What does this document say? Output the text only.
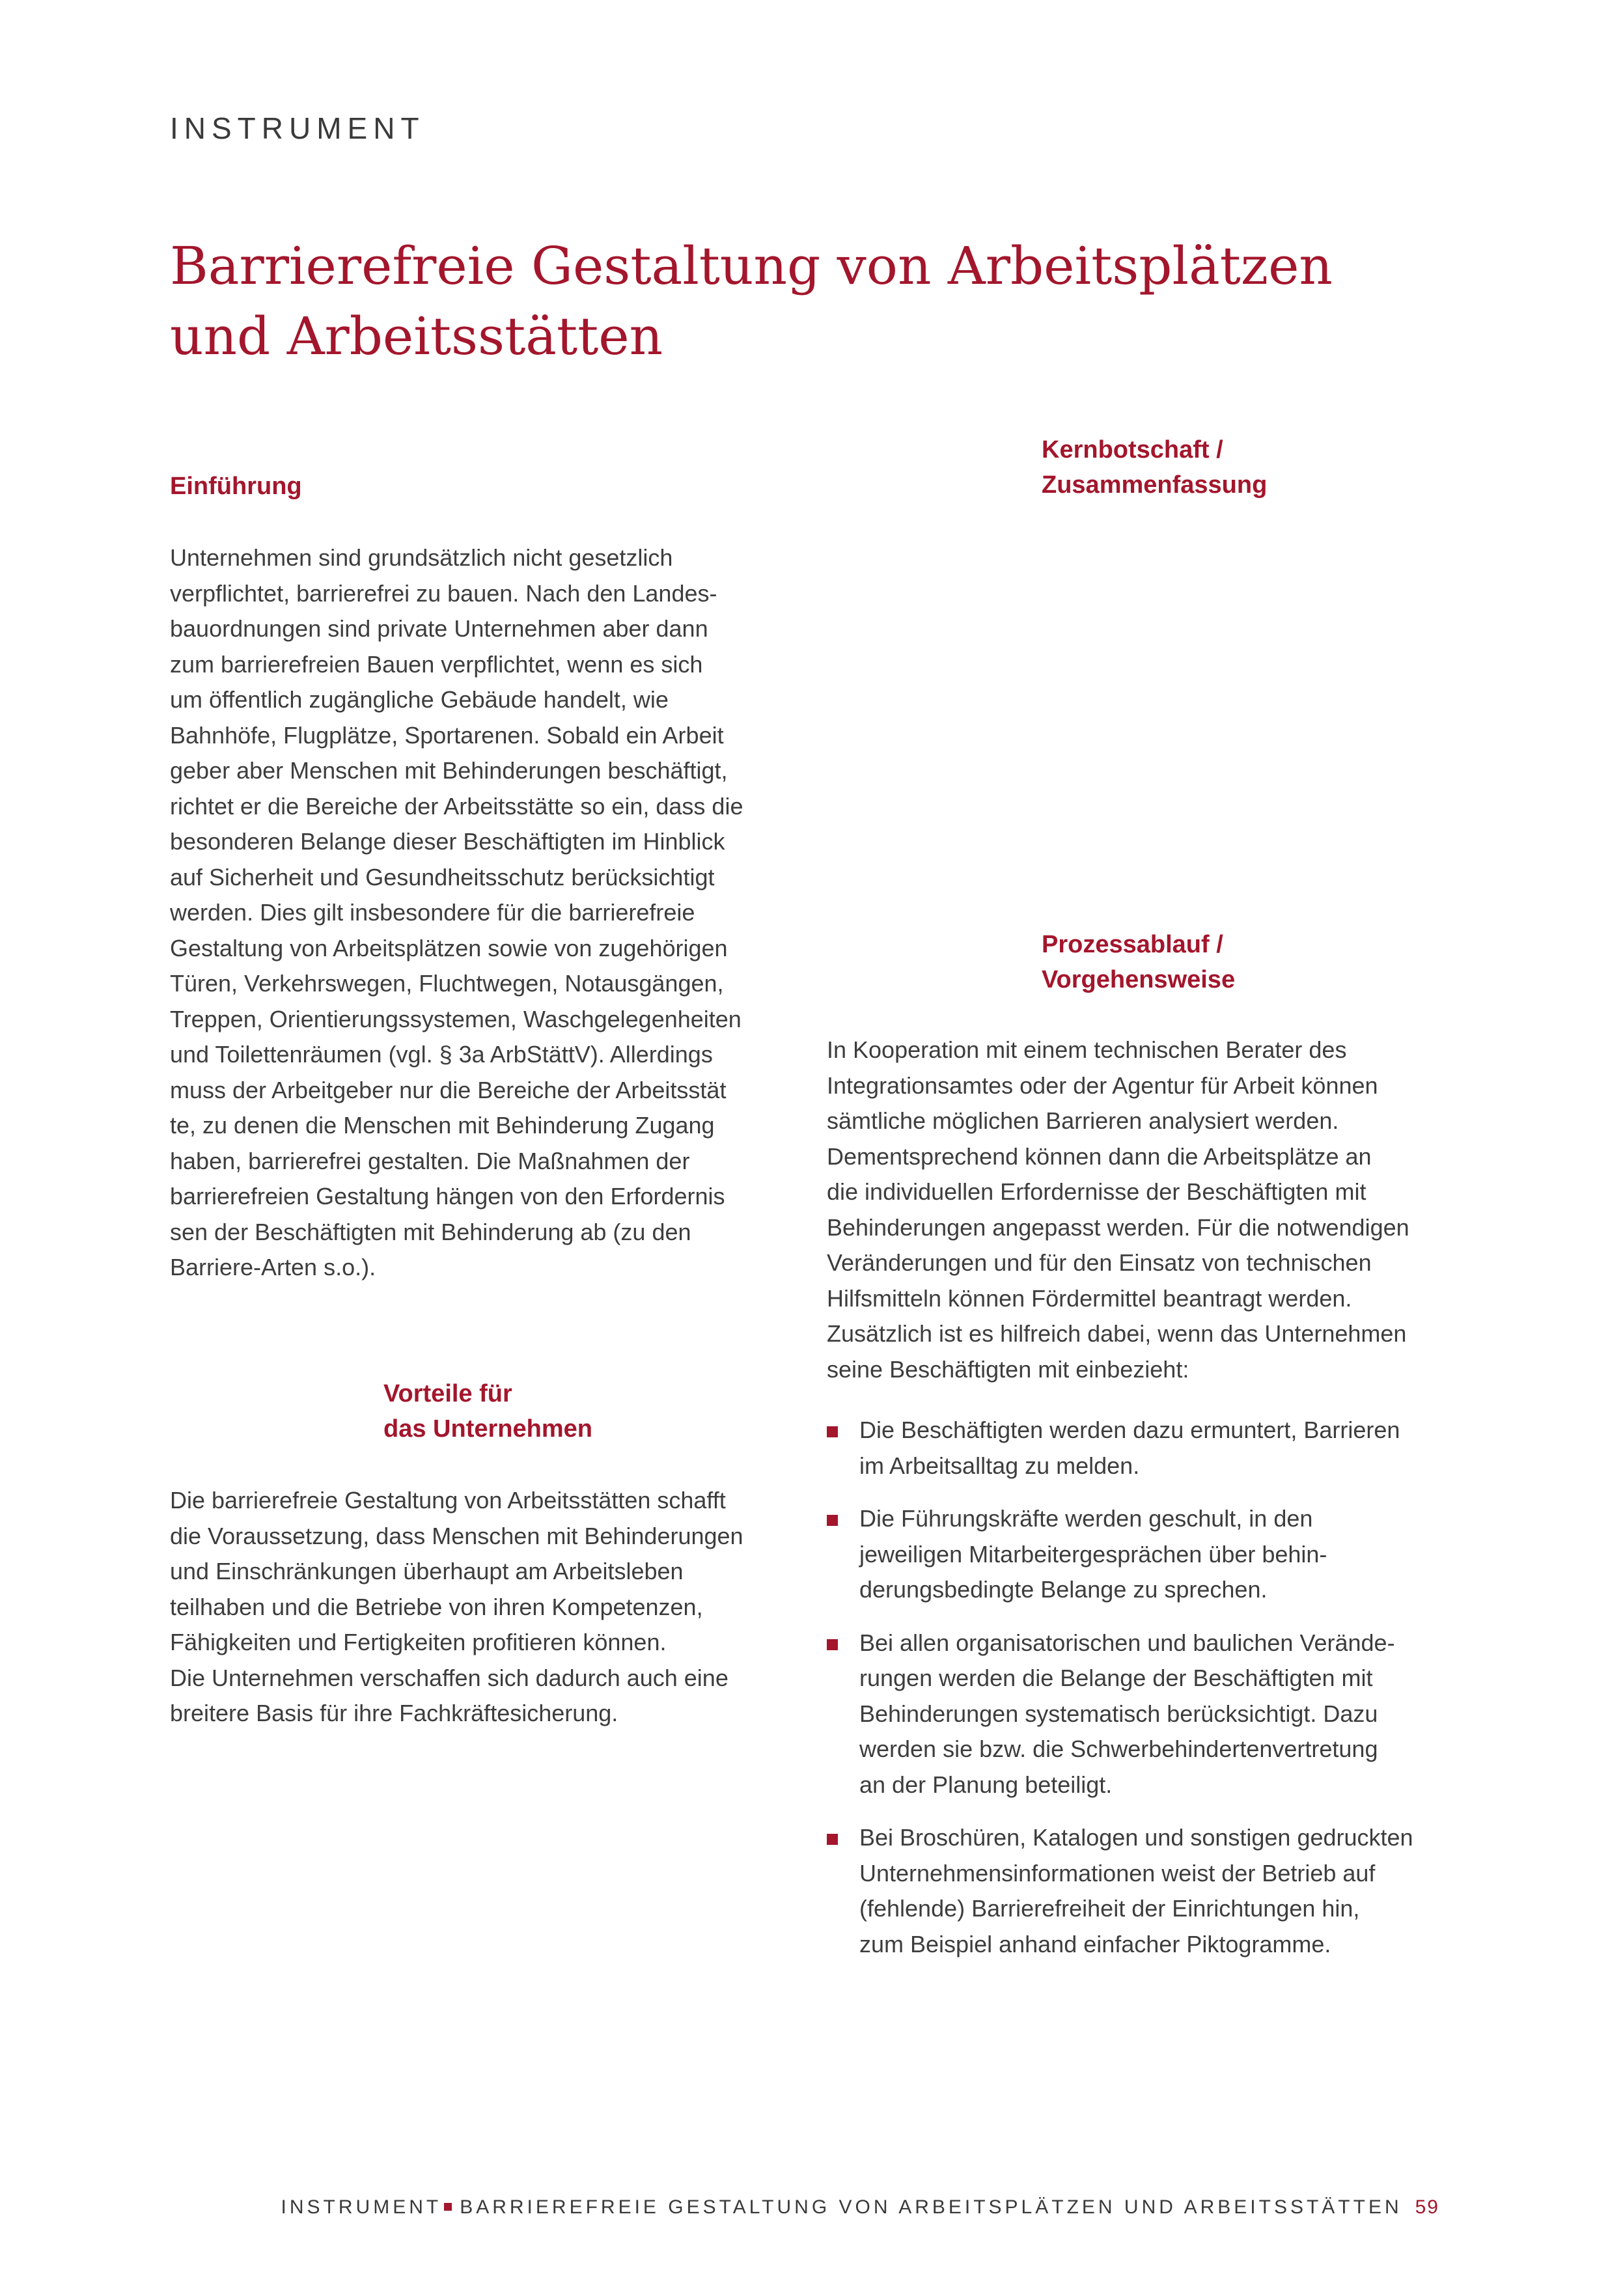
INSTRUMENT
Barrierefreie Gestaltung von Arbeitsplätzen
und Arbeitsstätten
Kernbotschaft /
Zusammenfassung
Einführung
Unternehmen sind grundsätzlich nicht gesetzlich
verpflichtet, barrierefrei zu bauen. Nach den Landes-
bauordnungen sind private Unternehmen aber dann
zum barrierefreien Bauen verpflichtet, wenn es sich
um öffentlich zugängliche Gebäude handelt, wie
Bahnhöfe, Flugplätze, Sportarenen. Sobald ein Arbeit
geber aber Menschen mit Behinderungen beschäftigt,
richtet er die Bereiche der Arbeitsstätte so ein, dass die
besonderen Belange dieser Beschäftigten im Hinblick
auf Sicherheit und Gesundheitsschutz berücksichtigt
werden. Dies gilt insbesondere für die barrierefreie
Gestaltung von Arbeitsplätzen sowie von zugehörigen
Türen, Verkehrswegen, Fluchtwegen, Notausgängen,
Treppen, Orientierungssystemen, Waschgelegenheiten
und Toilettenräumen (vgl. § 3a ArbStättV). Allerdings
muss der Arbeitgeber nur die Bereiche der Arbeitsstät
te, zu denen die Menschen mit Behinderung Zugang
haben, barrierefrei gestalten. Die Maßnahmen der
barrierefreien Gestaltung hängen von den Erfordernis
sen der Beschäftigten mit Behinderung ab (zu den
Barriere-Arten s.o.).
Prozessablauf /
Vorgehensweise
In Kooperation mit einem technischen Berater des
Integrationsamtes oder der Agentur für Arbeit können
sämtliche möglichen Barrieren analysiert werden.
Dementsprechend können dann die Arbeitsplätze an
die individuellen Erfordernisse der Beschäftigten mit
Behinderungen angepasst werden. Für die notwendigen
Veränderungen und für den Einsatz von technischen
Hilfsmitteln können Fördermittel beantragt werden.
Zusätzlich ist es hilfreich dabei, wenn das Unternehmen
seine Beschäftigten mit einbezieht:
Die Beschäftigten werden dazu ermuntert, Barrieren
im Arbeitsalltag zu melden.
Die Führungskräfte werden geschult, in den
jeweiligen Mitarbeitergesprächen über behin-
derungsbedingte Belange zu sprechen.
Bei allen organisatorischen und baulichen Verände-
rungen werden die Belange der Beschäftigten mit
Behinderungen systematisch berücksichtigt. Dazu
werden sie bzw. die Schwerbehindertenvertretung
an der Planung beteiligt.
Bei Broschüren, Katalogen und sonstigen gedruckten
Unternehmensinformationen weist der Betrieb auf
(fehlende) Barrierefreiheit der Einrichtungen hin,
zum Beispiel anhand einfacher Piktogramme.
Vorteile für
das Unternehmen
Die barrierefreie Gestaltung von Arbeitsstätten schafft
die Voraussetzung, dass Menschen mit Behinderungen
und Einschränkungen überhaupt am Arbeitsleben
teilhaben und die Betriebe von ihren Kompetenzen,
Fähigkeiten und Fertigkeiten profitieren können.
Die Unternehmen verschaffen sich dadurch auch eine
breitere Basis für ihre Fachkräftesicherung.
INSTRUMENT BARRIEREFREIE GESTALTUNG VON ARBEITSPLÄTZEN UND ARBEITSSTÄTTEN 59
